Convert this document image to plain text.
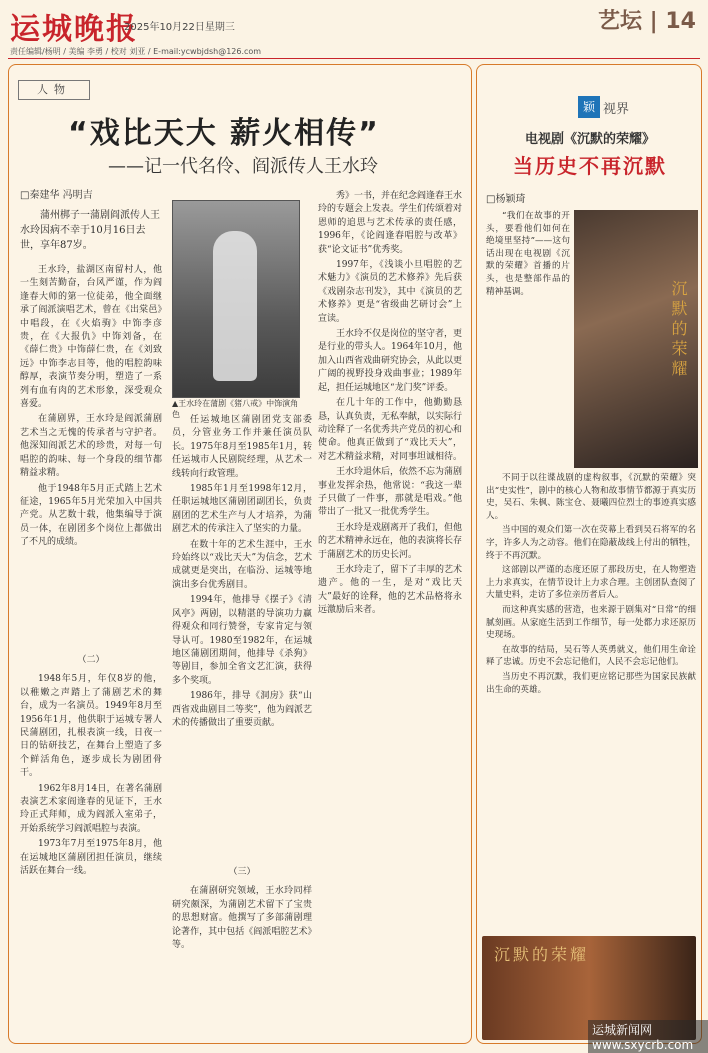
运城晚报
2025年10月22日星期三	艺坛 | 14
责任编辑/杨明 / 美编 李勇 / 校对 刘亚 / E-mail:ycwbjdsh@126.com
人物
“戏比天大 薪火相传”
——记一代名伶、阎派传人王水玲
□秦建华 冯明吉
蒲州梆子一蒲剧阎派传人王水玲因病不幸于10月16日去世，享年87岁。
▲王水玲在蒲剧《猪八戒》中饰演角色

王水玲，盐湖区南留村人，他一生刻苦勤奋，台风严谨，作为阎逢春大师的第一位徒弟，他全面继承了阎派演唱艺术，曾在《出棠邑》中唱段，在《火焰驹》中饰李彦贵，在《大报仇》中饰刘备，在《薛仁贵》中饰薛仁贵，在《刘致远》中饰李志目等，他的唱腔韵味醇厚，表演节奏分明，塑造了一系列有血有肉的艺术形象，深受观众喜爱。

在蒲剧界，王水玲是阎派蒲剧艺术当之无愧的传承者与守护者。他深知阎派艺术的珍贵，对每一句唱腔的韵味、每一个身段的细节都精益求精。

他于1948年5月正式踏上艺术征途，1965年5月光荣加入中国共产党。从艺数十载，他集编导于演员一体，在剧团多个岗位上都做出了不凡的成绩。

（二）

1948年5月，年仅8岁的他，以稚嫩之声踏上了蒲剧艺术的舞台，成为一名演员。1949年8月至1956年1月，他供职于运城专署人民蒲剧团，扎根表演一线，日夜一日的钻研技艺，在舞台上塑造了多个鲜活角色，逐步成长为剧团骨干。

1962年8月14日，在著名蒲剧表演艺术家阎逢春的见证下，王水玲正式拜师，成为阎派入室弟子，开始系统学习阎派唱腔与表演。

1973年7月至1975年8月，他在运城地区蒲剧团担任演员，继续活跃在舞台一线。

任运城地区蒲剧团党支部委员，分管业务工作并兼任演员队长。1975年8月至1985年1月，转任运城市人民剧院经理，从艺术一线转向行政管理。

1985年1月至1998年12月，任职运城地区蒲剧团副团长，负责剧团的艺术生产与人才培养，为蒲剧艺术的传承注入了坚实的力量。

在数十年的艺术生涯中，王水玲始终以“戏比天大”为信念，艺术成就更是突出，在临汾、运城等地演出多台优秀剧目。

1994年，他排导《摆子》《清风亭》两剧，以精湛的导演功力赢得观众和同行赞誉，专家肯定与领导认可。1980至1982年，在运城地区蒲剧团期间，他排导《杀狗》等剧目，参加全省文艺汇演，获得多个奖项。

1986年，排导《洞房》获“山西省戏曲剧目二等奖”，他为阎派艺术的传播做出了重要贡献。

（三）

在蒲剧研究领域，王水玲同样研究颇深，为蒲剧艺术留下了宝贵的思想财富。他撰写了多部蒲剧理论著作，其中包括《阎派唱腔艺术》等。

秀》一书，并在纪念阎逢春王水玲的专题会上发表。学生们传颂着对恩师的追思与艺术传承的责任感，1996年，《论阎逢春唱腔与改革》获“论文证书”优秀奖。

1997年，《浅谈小旦唱腔的艺术魅力》《演员的艺术修养》先后获《戏剧杂志刊发》，其中《演员的艺术修养》更是“省级曲艺研讨会”上宣读。

王水玲不仅是岗位的坚守者，更是行业的带头人。1964年10月，他加入山西省戏曲研究协会，从此以更广阔的视野投身戏曲事业；1989年起，担任运城地区“龙门奖”评委。

在几十年的工作中，他勤勤恳恳，认真负责，无私奉献，以实际行动诠释了一名优秀共产党员的初心和使命。他真正做到了“戏比天大”，对艺术精益求精，对同事坦诚相待。

王水玲退休后，依然不忘为蒲剧事业发挥余热，他常说：“我这一辈子只做了一件事，那就是唱戏。”他带出了一批又一批优秀学生。

王水玲是戏剧离开了我们，但他的艺术精神永远在，他的表演将长存于蒲剧艺术的历史长河。

王水玲走了，留下了丰厚的艺术遗产。他的一生，是对“戏比天大”最好的诠释，他的艺术品格将永远激励后来者。

颖 视界
电视剧《沉默的荣耀》
当历史不再沉默
□杨颖琦
沉默的荣耀

“我们在故事的开头，要看他们如何在绝境里坚持”——这句话出现在电视剧《沉默的荣耀》首播的片头，也是整部作品的精神基调。

不同于以往谍战剧的虚构叙事，《沉默的荣耀》突出“史实性”，剧中的核心人物和故事情节都源于真实历史，吴石、朱枫、陈宝仓、聂曦四位烈士的事迹真实感人。

当中国的观众们第一次在荧幕上看到吴石将军的名字，许多人为之动容。他们在隐蔽战线上付出的牺牲，终于不再沉默。

这部剧以严谨的态度还原了那段历史，在人物塑造上力求真实，在情节设计上力求合理。主创团队查阅了大量史料，走访了多位亲历者后人。

而这种真实感的营造，也来源于剧集对“日常”的细腻刻画。从家庭生活到工作细节，每一处都力求还原历史现场。

在故事的结局，吴石等人英勇就义，他们用生命诠释了忠诚。历史不会忘记他们，人民不会忘记他们。

当历史不再沉默，我们更应铭记那些为国家民族献出生命的英雄。

沉默的荣耀
运城新闻网 www.sxycrb.com
